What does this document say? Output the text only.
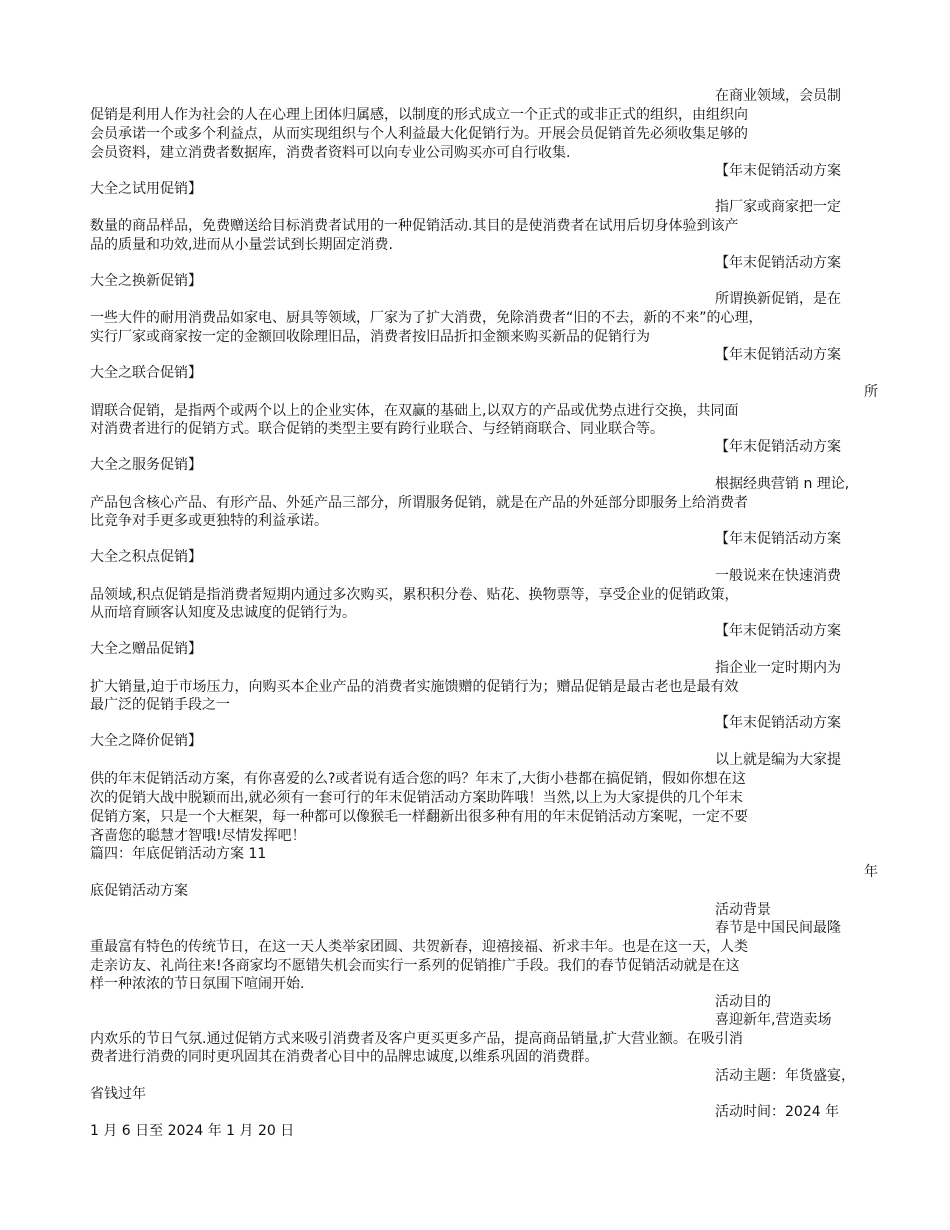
在商业领域，会员制

促销是利用人作为社会的人在心理上团体归属感，以制度的形式成立一个正式的或非正式的组织，由组织向

会员承诺一个或多个利益点，从而实现组织与个人利益最大化促销行为。开展会员促销首先必须收集足够的

会员资料，建立消费者数据库，消费者资料可以向专业公司购买亦可自行收集.

【年末促销活动方案

大全之试用促销】

指厂家或商家把一定

数量的商品样品，免费赠送给目标消费者试用的一种促销活动.其目的是使消费者在试用后切身体验到该产

品的质量和功效,进而从小量尝试到长期固定消费.

【年末促销活动方案

大全之换新促销】

所谓换新促销，是在

一些大件的耐用消费品如家电、厨具等领域，厂家为了扩大消费，免除消费者“旧的不去，新的不来”的心理，

实行厂家或商家按一定的金额回收除理旧品，消费者按旧品折扣金额来购买新品的促销行为

【年末促销活动方案

大全之联合促销】

所

谓联合促销，是指两个或两个以上的企业实体，在双赢的基础上,以双方的产品或优势点进行交换，共同面

对消费者进行的促销方式。联合促销的类型主要有跨行业联合、与经销商联合、同业联合等。

【年末促销活动方案

大全之服务促销】

根据经典营销 n 理论,

产品包含核心产品、有形产品、外延产品三部分，所谓服务促销，就是在产品的外延部分即服务上给消费者

比竞争对手更多或更独特的利益承诺。

【年末促销活动方案

大全之积点促销】

一般说来在快速消费

品领域,积点促销是指消费者短期内通过多次购买，累积积分卷、贴花、换物票等，享受企业的促销政策，

从而培育顾客认知度及忠诚度的促销行为。

【年末促销活动方案

大全之赠品促销】

指企业一定时期内为

扩大销量,迫于市场压力，向购买本企业产品的消费者实施馈赠的促销行为；赠品促销是最古老也是最有效

最广泛的促销手段之一

【年末促销活动方案

大全之降价促销】

以上就是编为大家提

供的年末促销活动方案，有你喜爱的么?或者说有适合您的吗？年末了,大街小巷都在搞促销，假如你想在这

次的促销大战中脱颖而出,就必须有一套可行的年末促销活动方案助阵哦！当然,以上为大家提供的几个年末

促销方案，只是一个大框架，每一种都可以像猴毛一样翻新出很多种有用的年末促销活动方案呢，一定不要

吝啬您的聪慧才智哦!尽情发挥吧！

篇四：年底促销活动方案 11

年

底促销活动方案

活动背景

春节是中国民间最隆

重最富有特色的传统节日，在这一天人类举家团圆、共贺新春，迎禧接福、祈求丰年。也是在这一天，人类

走亲访友、礼尚往来!各商家均不愿错失机会而实行一系列的促销推广手段。我们的春节促销活动就是在这

样一种浓浓的节日氛围下喧闹开始.

活动目的

喜迎新年,营造卖场

内欢乐的节日气氛.通过促销方式来吸引消费者及客户更买更多产品，提高商品销量,扩大营业额。在吸引消

费者进行消费的同时更巩固其在消费者心目中的品牌忠诚度,以维系巩固的消费群。

活动主题：年货盛宴，

省钱过年

活动时间：2024 年

1 月 6 日至 2024 年 1 月 20 日
